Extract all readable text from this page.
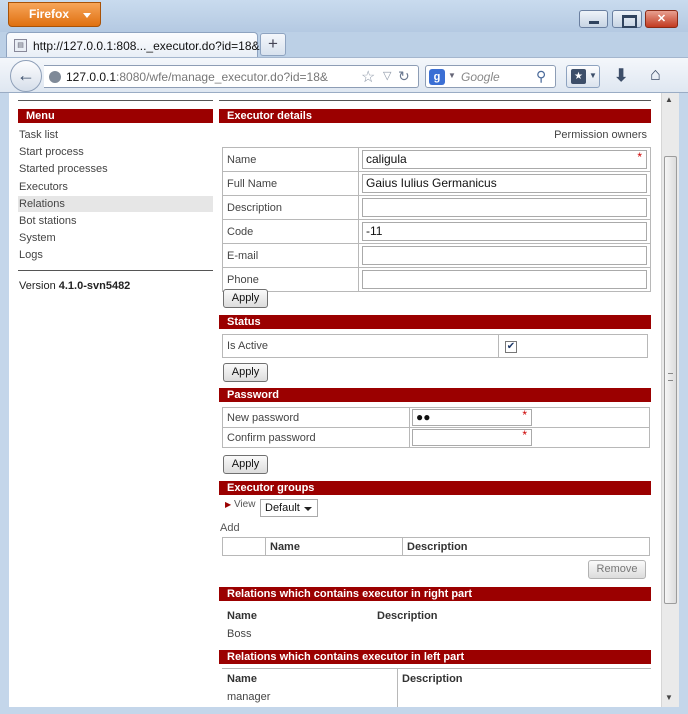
Firefox
✕
▤ http://127.0.0.1:808..._executor.do?id=18& +
←	127.0.0.1:8080/wfe/manage_executor.do?id=18& ☆ ▽ ↻	g ▼ Google	⚲	★ ▼ ⬇ ⌂
Menu
Task list
Start process
Started processes
Executors
Relations
Bot stations
System
Logs
Version 4.1.0-svn5482
Executor details
Permission owners
Name	caligula *

Full Name	Gaius Iulius Germanicus

Description	

Code	-11

E-mail	

Phone	
Apply
Status
Is Active	✔
Apply
Password
New password	●● *

Confirm password	*
Apply
Executor groups
▶ View Default
Add
	Name	Description
Remove
Relations which contains executor in right part
Name	Description
Boss
Relations which contains executor in left part
Name	Description
manager
▲
▼
